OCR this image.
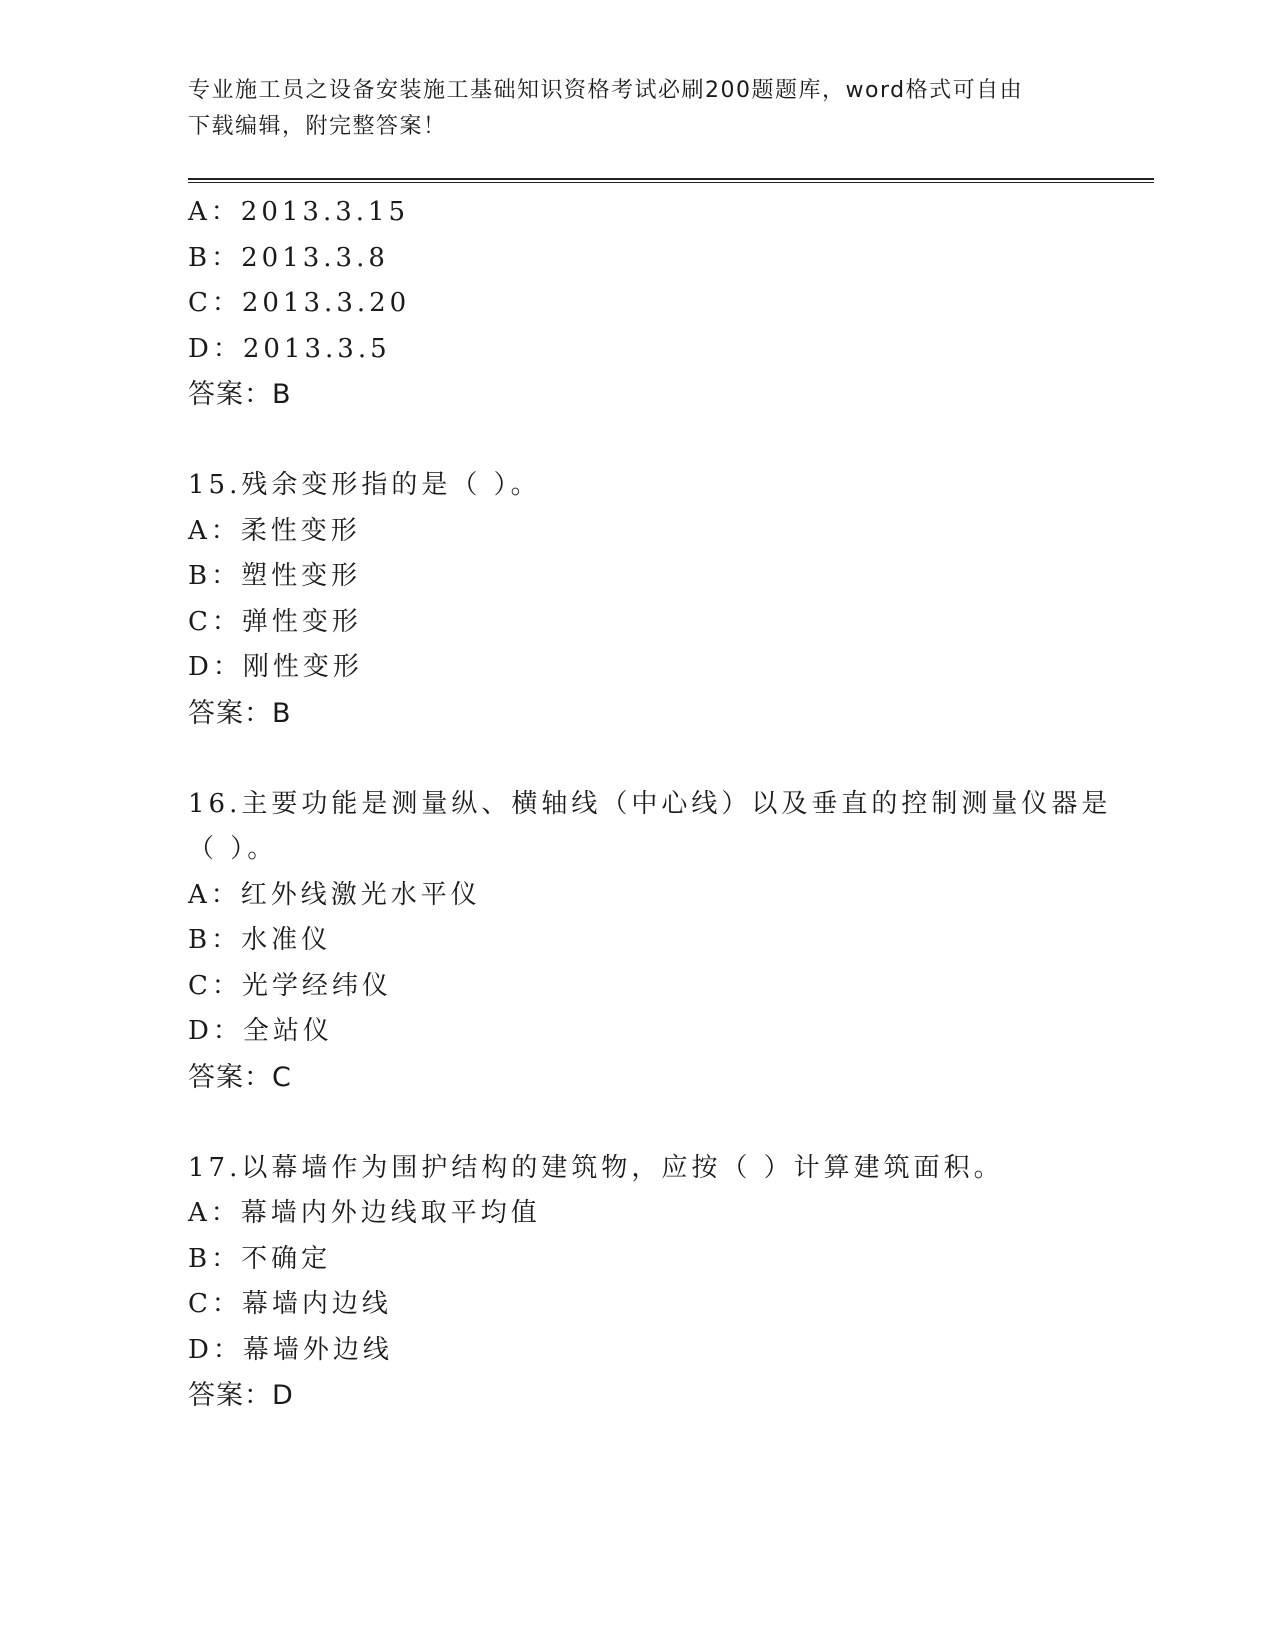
专业施工员之设备安装施工基础知识资格考试必刷200题题库，word格式可自由
下载编辑，附完整答案！
A：2013.3.15
B：2013.3.8
C：2013.3.20
D：2013.3.5
答案：B
15.残余变形指的是（ ）。
A：柔性变形
B：塑性变形
C：弹性变形
D：刚性变形
答案：B
16.主要功能是测量纵、横轴线（中心线）以及垂直的控制测量仪器是
（ ）。
A：红外线激光水平仪
B：水准仪
C：光学经纬仪
D：全站仪
答案：C
17.以幕墙作为围护结构的建筑物，应按（ ）计算建筑面积。
A：幕墙内外边线取平均值
B：不确定
C：幕墙内边线
D：幕墙外边线
答案：D
